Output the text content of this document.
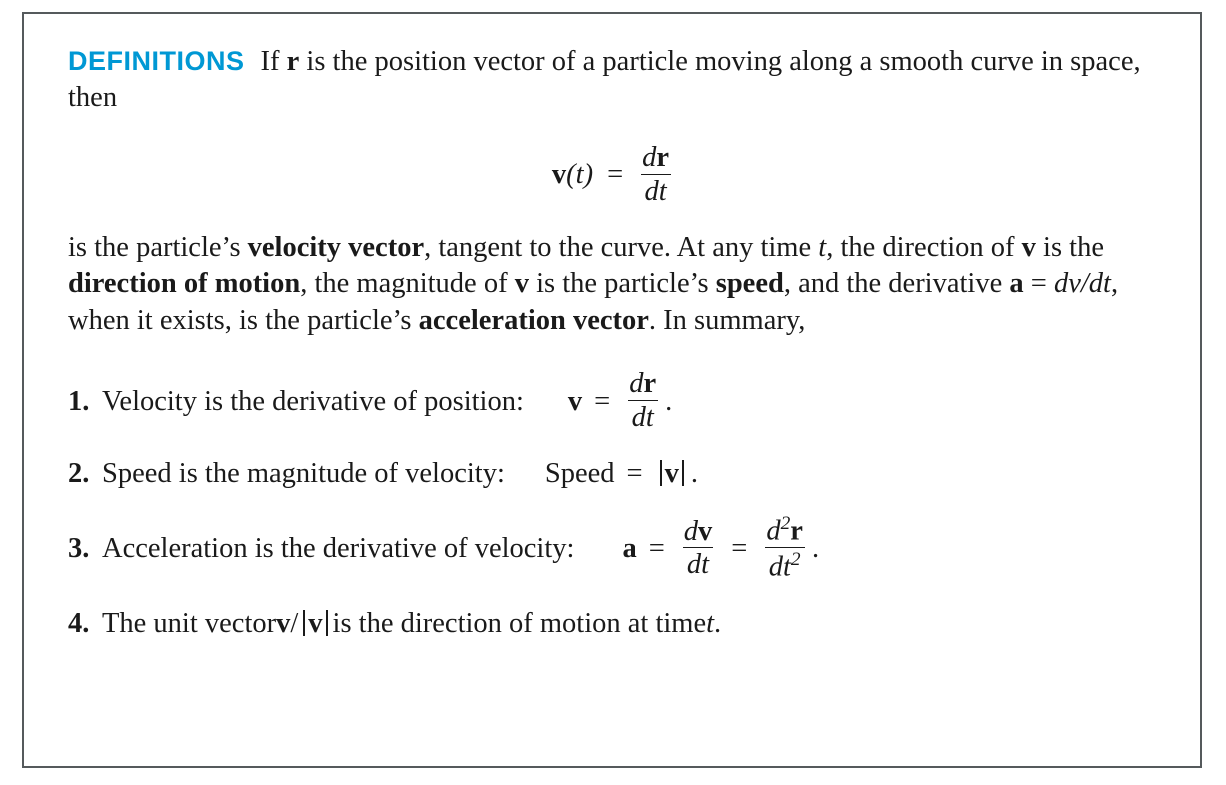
DEFINITIONS If r is the position vector of a particle moving along a smooth curve in space, then

$v(t) = \frac{dr}{dt}$

is the particle’s velocity vector, tangent to the curve. At any time t, the direction of v is the direction of motion, the magnitude of v is the particle’s speed, and the derivative a = dv/dt, when it exists, is the particle’s acceleration vector. In summary,

1. Velocity is the derivative of position: $v = \frac{dr}{dt}$ .
2. Speed is the magnitude of velocity: Speed = v .
3. Acceleration is the derivative of velocity: $a = \frac{dv}{dt} = \frac{d^2r}{dt^2}$ .
4. The unit vector v / v is the direction of motion at time t .
